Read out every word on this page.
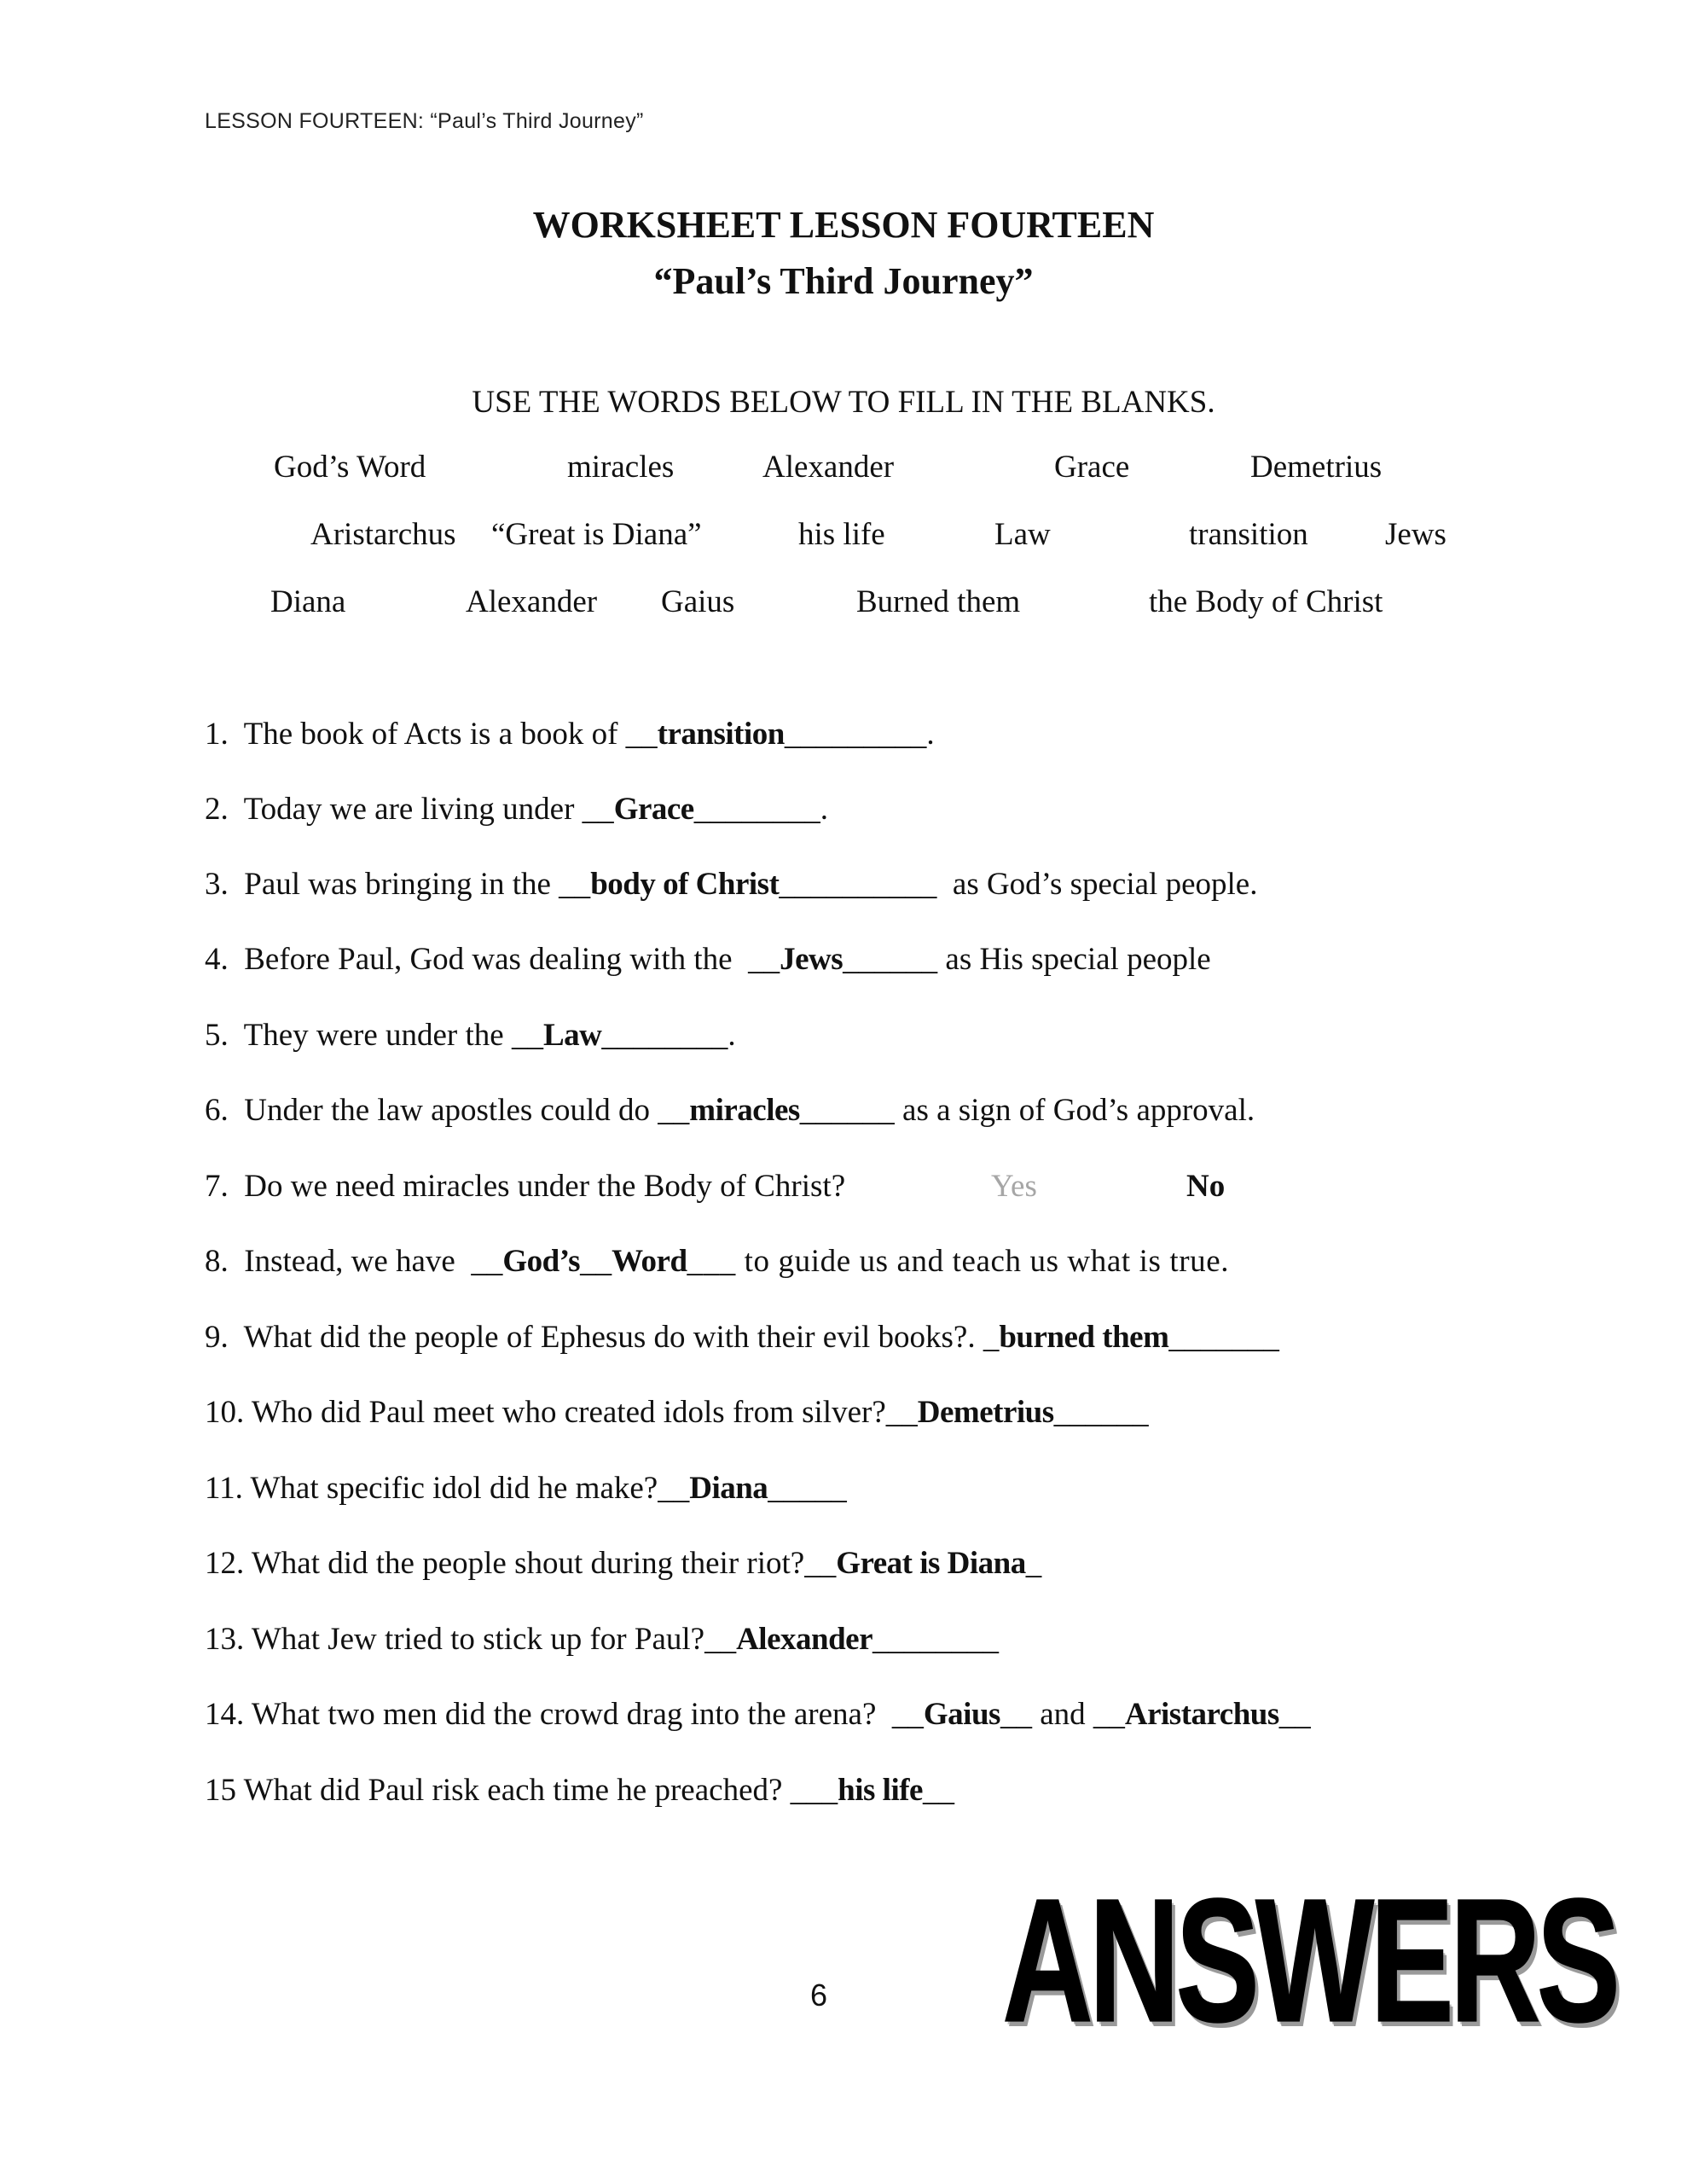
LESSON FOURTEEN: “Paul’s Third Journey”
WORKSHEET LESSON FOURTEEN
“Paul’s Third Journey”
USE THE WORDS BELOW TO FILL IN THE BLANKS.
God’s Word	miracles	Alexander	Grace	Demetrius
Aristarchus “Great is Diana”	his life	Law	transition Jews
Diana	Alexander Gaius	Burned them	the Body of Christ
1. The book of Acts is a book of __transition_________.
2. Today we are living under __Grace________.
3. Paul was bringing in the __body of Christ__________  as God’s special people.
4. Before Paul, God was dealing with the  __Jews______ as His special people
5. They were under the __Law________.
6. Under the law apostles could do __miracles______ as a sign of God’s approval.
7. Do we need miracles under the Body of Christ?	Yes	No
8. Instead, we have  __God’s__Word___ to guide us and teach us what is true.
9. What did the people of Ephesus do with their evil books?. _burned them_______
10. Who did Paul meet who created idols from silver?__Demetrius______
11. What specific idol did he make?__Diana_____
12. What did the people shout during their riot?__Great is Diana_
13. What Jew tried to stick up for Paul?__Alexander________
14. What two men did the crowd drag into the arena?  __Gaius__ and __Aristarchus__
15 What did Paul risk each time he preached? ___his life__
6 ANSWERS
